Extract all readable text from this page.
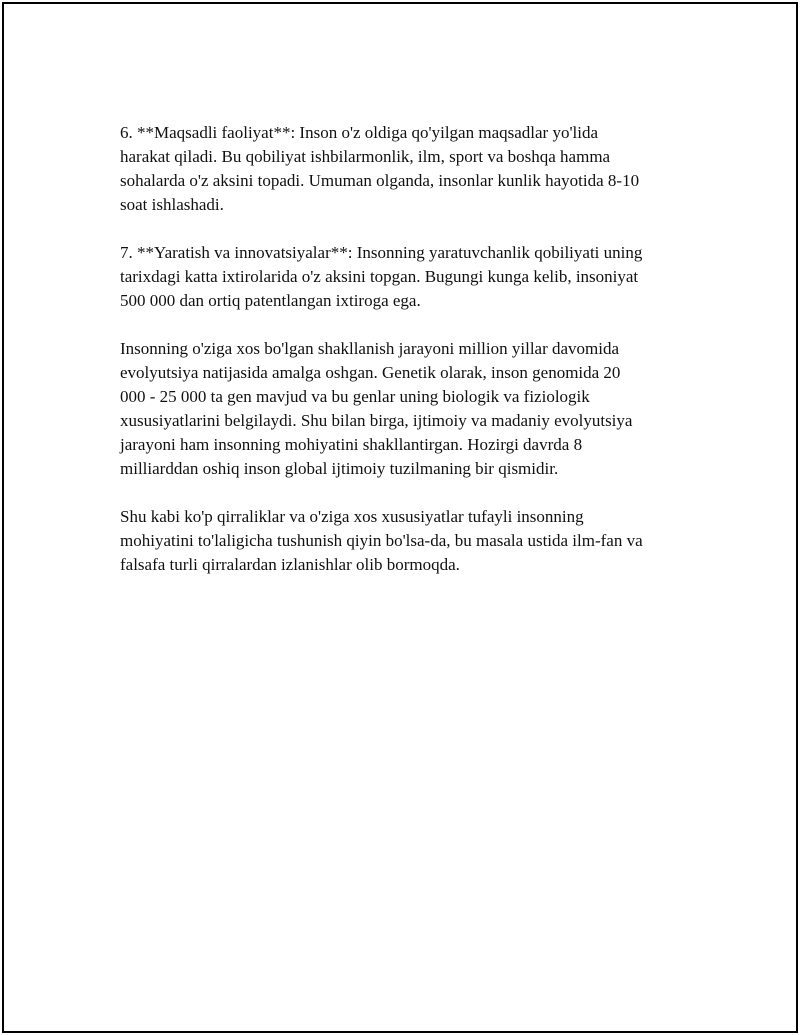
6. **Maqsadli faoliyat**: Inson o'z oldiga qo'yilgan maqsadlar yo'lida
harakat qiladi. Bu qobiliyat ishbilarmonlik, ilm, sport va boshqa hamma
sohalarda o'z aksini topadi. Umuman olganda, insonlar kunlik hayotida 8-10
soat ishlashadi.

7. **Yaratish va innovatsiyalar**: Insonning yaratuvchanlik qobiliyati uning
tarixdagi katta ixtirolarida o'z aksini topgan. Bugungi kunga kelib, insoniyat
500 000 dan ortiq patentlangan ixtiroga ega.

Insonning o'ziga xos bo'lgan shakllanish jarayoni million yillar davomida
evolyutsiya natijasida amalga oshgan. Genetik olarak, inson genomida 20
000 - 25 000 ta gen mavjud va bu genlar uning biologik va fiziologik
xususiyatlarini belgilaydi. Shu bilan birga, ijtimoiy va madaniy evolyutsiya
jarayoni ham insonning mohiyatini shakllantirgan. Hozirgi davrda 8
milliarddan oshiq inson global ijtimoiy tuzilmaning bir qismidir.

Shu kabi ko'p qirraliklar va o'ziga xos xususiyatlar tufayli insonning
mohiyatini to'laligicha tushunish qiyin bo'lsa-da, bu masala ustida ilm-fan va
falsafa turli qirralardan izlanishlar olib bormoqda.
